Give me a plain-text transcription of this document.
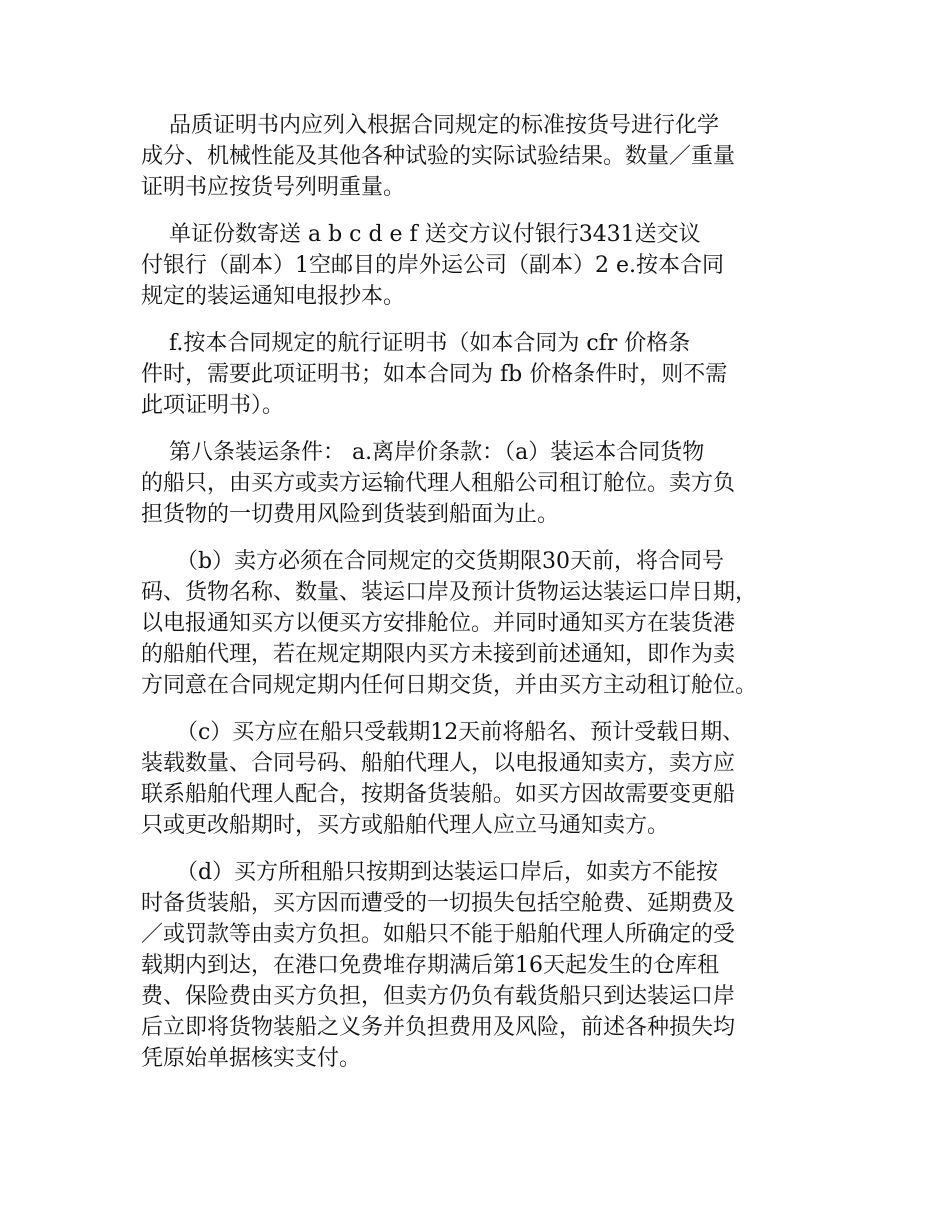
品质证明书内应列入根据合同规定的标准按货号进行化学
成分、机械性能及其他各种试验的实际试验结果。数量／重量
证明书应按货号列明重量。

单证份数寄送 a b c d e f 送交方议付银行3431送交议
付银行（副本）1空邮目的岸外运公司（副本）2 e.按本合同
规定的装运通知电报抄本。

f.按本合同规定的航行证明书（如本合同为 cfr 价格条
件时，需要此项证明书；如本合同为 fb 价格条件时，则不需
此项证明书）。

第八条装运条件： a.离岸价条款：（a）装运本合同货物
的船只，由买方或卖方运输代理人租船公司租订舱位。卖方负
担货物的一切费用风险到货装到船面为止。

（b）卖方必须在合同规定的交货期限30天前，将合同号
码、货物名称、数量、装运口岸及预计货物运达装运口岸日期，
以电报通知买方以便买方安排舱位。并同时通知买方在装货港
的船舶代理，若在规定期限内买方未接到前述通知，即作为卖
方同意在合同规定期内任何日期交货，并由买方主动租订舱位。

（c）买方应在船只受载期12天前将船名、预计受载日期、
装载数量、合同号码、船舶代理人，以电报通知卖方，卖方应
联系船舶代理人配合，按期备货装船。如买方因故需要变更船
只或更改船期时，买方或船舶代理人应立马通知卖方。

（d）买方所租船只按期到达装运口岸后，如卖方不能按
时备货装船，买方因而遭受的一切损失包括空舱费、延期费及
／或罚款等由卖方负担。如船只不能于船舶代理人所确定的受
载期内到达，在港口免费堆存期满后第16天起发生的仓库租
费、保险费由买方负担，但卖方仍负有载货船只到达装运口岸
后立即将货物装船之义务并负担费用及风险，前述各种损失均
凭原始单据核实支付。
